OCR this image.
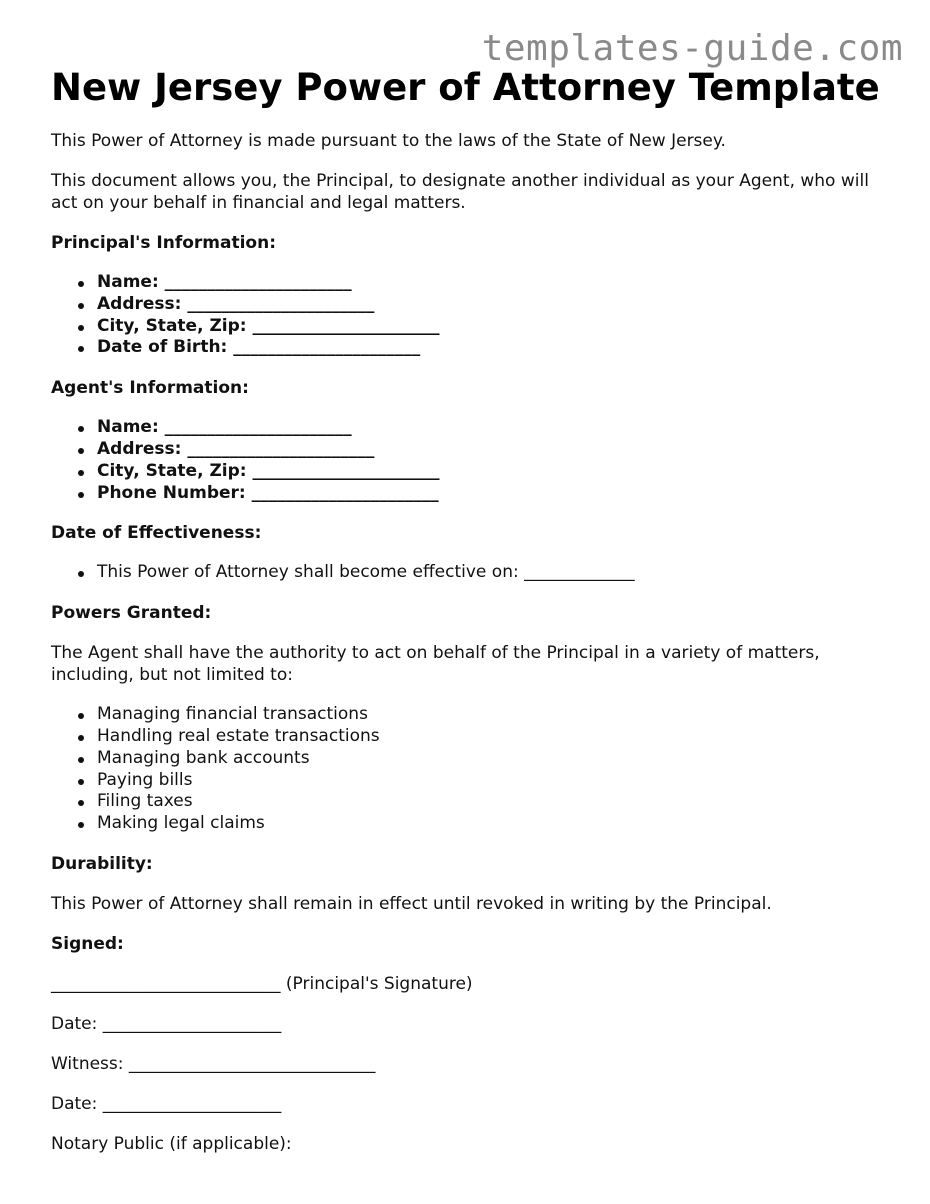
templates-guide.com
New Jersey Power of Attorney Template

This Power of Attorney is made pursuant to the laws of the State of New Jersey.

This document allows you, the Principal, to designate another individual as your Agent, who will act on your behalf in financial and legal matters.

Principal's Information:
Name: ______________________
Address: ______________________
City, State, Zip: ______________________
Date of Birth: ______________________
Agent's Information:
Name: ______________________
Address: ______________________
City, State, Zip: ______________________
Phone Number: ______________________
Date of Effectiveness:
This Power of Attorney shall become effective on: _____________
Powers Granted:

The Agent shall have the authority to act on behalf of the Principal in a variety of matters, including, but not limited to:

Managing financial transactions
Handling real estate transactions
Managing bank accounts
Paying bills
Filing taxes
Making legal claims
Durability:

This Power of Attorney shall remain in effect until revoked in writing by the Principal.

Signed:
___________________________ (Principal's Signature)
Date: _____________________
Witness: _____________________________
Date: _____________________
Notary Public (if applicable):
